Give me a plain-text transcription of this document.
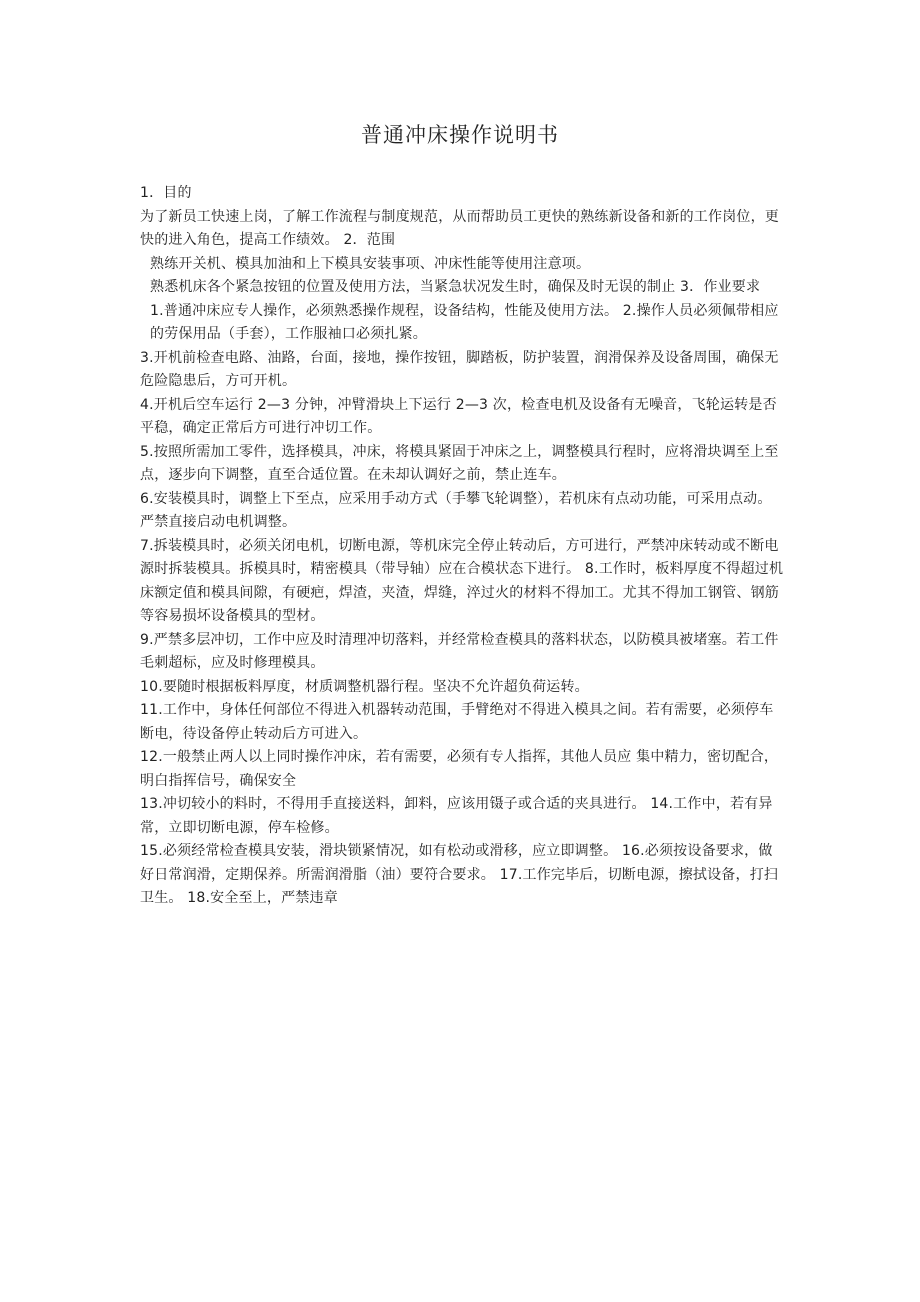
普通冲床操作说明书

1．目的

为了新员工快速上岗，了解工作流程与制度规范，从而帮助员工更快的熟练新设备和新的工作岗位，更快的进入角色，提高工作绩效。 2．范围

熟练开关机、模具加油和上下模具安装事项、冲床性能等使用注意项。

熟悉机床各个紧急按钮的位置及使用方法，当紧急状况发生时，确保及时无误的制止 3．作业要求

1.普通冲床应专人操作，必须熟悉操作规程，设备结构，性能及使用方法。 2.操作人员必须佩带相应的劳保用品（手套），工作服袖口必须扎紧。

3.开机前检查电路、油路，台面，接地，操作按钮，脚踏板，防护装置，润滑保养及设备周围，确保无危险隐患后，方可开机。

4.开机后空车运行 2—3 分钟，冲臂滑块上下运行 2—3 次，检查电机及设备有无噪音，飞轮运转是否平稳，确定正常后方可进行冲切工作。

5.按照所需加工零件，选择模具，冲床，将模具紧固于冲床之上，调整模具行程时，应将滑块调至上至点，逐步向下调整，直至合适位置。在未却认调好之前，禁止连车。

6.安装模具时，调整上下至点，应采用手动方式（手攀飞轮调整），若机床有点动功能，可采用点动。严禁直接启动电机调整。

7.拆装模具时，必须关闭电机，切断电源，等机床完全停止转动后，方可进行，严禁冲床转动或不断电源时拆装模具。拆模具时，精密模具（带导轴）应在合模状态下进行。 8.工作时，板料厚度不得超过机床额定值和模具间隙，有硬疤，焊渣，夹渣，焊缝，淬过火的材料不得加工。尤其不得加工钢管、钢筋等容易损坏设备模具的型材。

9.严禁多层冲切，工作中应及时清理冲切落料，并经常检查模具的落料状态，以防模具被堵塞。若工件毛刺超标，应及时修理模具。

10.要随时根据板料厚度，材质调整机器行程。坚决不允许超负荷运转。

11.工作中，身体任何部位不得进入机器转动范围，手臂绝对不得进入模具之间。若有需要，必须停车断电，待设备停止转动后方可进入。

12.一般禁止两人以上同时操作冲床，若有需要，必须有专人指挥，其他人员应 集中精力，密切配合，明白指挥信号，确保安全

13.冲切较小的料时，不得用手直接送料，卸料，应该用镊子或合适的夹具进行。 14.工作中，若有异常，立即切断电源，停车检修。

15.必须经常检查模具安装，滑块锁紧情况，如有松动或滑移，应立即调整。 16.必须按设备要求，做好日常润滑，定期保养。所需润滑脂（油）要符合要求。 17.工作完毕后，切断电源，擦拭设备，打扫卫生。 18.安全至上，严禁违章
